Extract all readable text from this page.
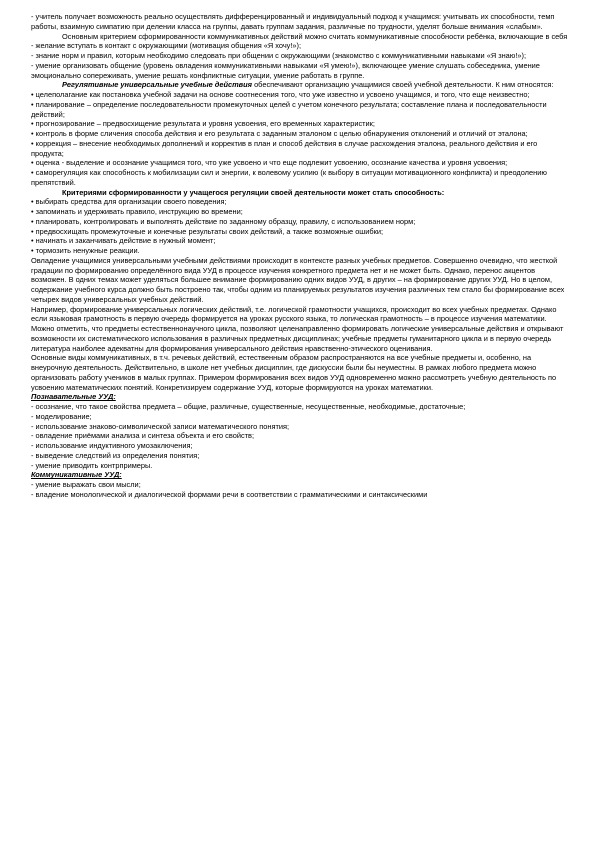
- учитель получает возможность реально осуществлять дифференцированный и индивидуальный подход к учащимся: учитывать их способности, темп работы, взаимную симпатию при делении класса на группы, давать группам задания, различные по трудности, уделят больше внимания «слабым».

Основным критерием сформированности коммуникативных действий можно считать коммуникативные способности ребёнка, включающие в себя

- желание вступать в контакт с окружающими (мотивация общения «Я хочу!»);

- знание норм и правил, которым необходимо следовать при общении с окружающими (знакомство с коммуникативными навыками «Я знаю!»);

- умение организовать общение (уровень овладения коммуникативными навыками «Я умею!»), включающее умение слушать собеседника, умение эмоционально сопереживать, умение решать конфликтные ситуации, умение работать в группе.

Регулятивные универсальные учебные действия обеспечивают организацию учащимися своей учебной деятельности. К ним относятся:

• целеполагание как постановка учебной задачи на основе соотнесения того, что уже известно и усвоено учащимся, и того, что еще неизвестно;

• планирование – определение последовательности промежуточных целей с учетом конечного результата; составление плана и последовательности действий;

• прогнозирование – предвосхищение результата и уровня усвоения, его временных характеристик;

• контроль в форме сличения способа действия и его результата с заданным эталоном с целью обнаружения отклонений и отличий от эталона;

• коррекция – внесение необходимых дополнений и корректив в план и способ действия в случае расхождения эталона, реального действия и его продукта;

• оценка - выделение и осознание учащимся того, что уже усвоено и что еще подлежит усвоению, осознание качества и уровня усвоения;

• саморегуляция как способность к мобилизации сил и энергии, к волевому усилию (к выбору в ситуации мотивационного конфликта) и преодолению препятствий.

Критериями сформированности у учащегося регуляции своей деятельности может стать способность:

• выбирать средства для организации своего поведения;

• запоминать и удерживать правило, инструкцию во времени;

• планировать, контролировать и выполнять действие по заданному образцу, правилу, с использованием норм;

• предвосхищать промежуточные и конечные результаты своих действий, а также возможные ошибки;

• начинать и заканчивать действие в нужный момент;

• тормозить ненужные реакции.

Овладение учащимися универсальными учебными действиями происходит в контексте разных учебных предметов. Совершенно очевидно, что жесткой градации по формированию определённого вида УУД в процессе изучения конкретного предмета нет и не может быть. Однако, перенос акцентов возможен. В одних темах может уделяться большее внимание формированию одних видов УУД, в других – на формирование других УУД. Но в целом, содержание учебного курса должно быть построено так, чтобы одним из планируемых результатов изучения различных тем стало бы формирование всех четырех видов универсальных учебных действий.

Например, формирование универсальных логических действий, т.е. логической грамотности учащихся, происходит во всех учебных предметах. Однако если языковая грамотность в первую очередь формируется на уроках русского языка, то логическая грамотность – в процессе изучения математики. Можно отметить, что предметы естественнонаучного цикла, позволяют целенаправленно формировать логические универсальные действия и открывают возможности их систематического использования в различных предметных дисциплинах; учебные предметы гуманитарного цикла и в первую очередь литература наиболее адекватны для формирования универсального действия нравственно-этического оценивания.

Основные виды коммуникативных, в т.ч. речевых действий, естественным образом распространяются на все учебные предметы и, особенно, на внеурочную деятельность. Действительно, в школе нет учебных дисциплин, где дискуссии были бы неуместны. В рамках любого предмета можно организовать работу учеников в малых группах. Примером формирования всех видов УУД одновременно можно рассмотреть учебную деятельность по усвоению математических понятий. Конкретизируем содержание УУД, которые формируются на уроках математики.

Познавательные УУД:

- осознание, что такое свойства предмета – общие, различные, существенные, несущественные, необходимые, достаточные;

- моделирование;

- использование знаково-символической записи математического понятия;

- овладение приёмами анализа и синтеза объекта и его свойств;

- использование индуктивного умозаключения;

- выведение следствий из определения понятия;

- умение приводить контрпримеры.

Коммуникативные УУД:

- умение выражать свои мысли;

- владение монологической и диалогической формами речи в соответствии с грамматическими и синтаксическими
